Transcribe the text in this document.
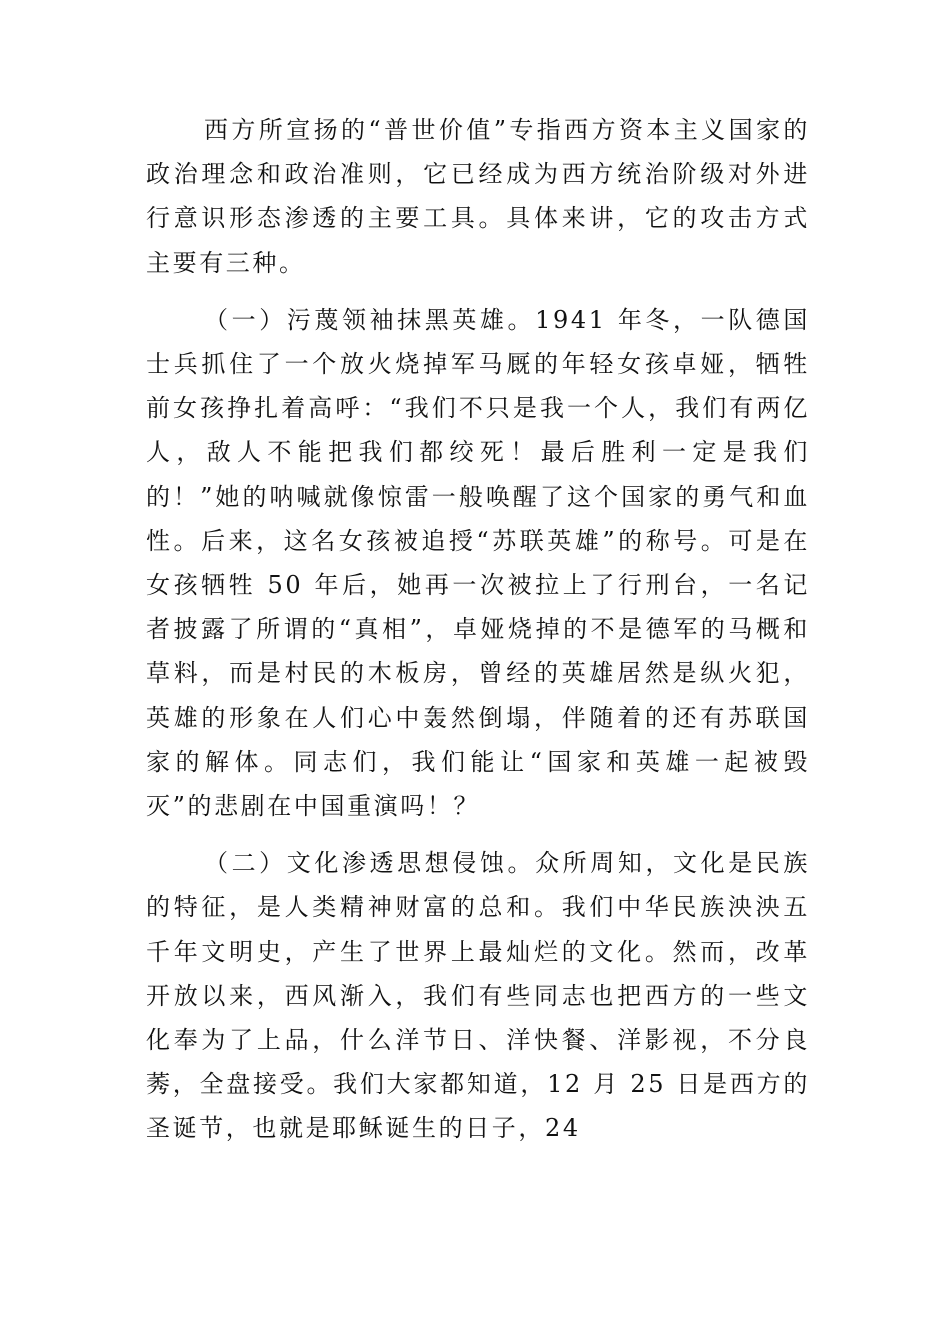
西方所宣扬的“普世价值”专指西方资本主义国家的政治理念和政治准则，它已经成为西方统治阶级对外进行意识形态渗透的主要工具。具体来讲，它的攻击方式主要有三种。

（一）污蔑领袖抹黑英雄。1941 年冬，一队德国士兵抓住了一个放火烧掉军马厩的年轻女孩卓娅，牺牲前女孩挣扎着高呼：“我们不只是我一个人，我们有两亿人，敌人不能把我们都绞死！最后胜利一定是我们的！”她的呐喊就像惊雷一般唤醒了这个国家的勇气和血性。后来，这名女孩被追授“苏联英雄”的称号。可是在女孩牺牲 50 年后，她再一次被拉上了行刑台，一名记者披露了所谓的“真相”，卓娅烧掉的不是德军的马概和草料，而是村民的木板房，曾经的英雄居然是纵火犯，英雄的形象在人们心中轰然倒塌，伴随着的还有苏联国家的解体。同志们，我们能让“国家和英雄一起被毁灭”的悲剧在中国重演吗！？

（二）文化渗透思想侵蚀。众所周知，文化是民族的特征，是人类精神财富的总和。我们中华民族泱泱五千年文明史，产生了世界上最灿烂的文化。然而，改革开放以来，西风渐入，我们有些同志也把西方的一些文化奉为了上品，什么洋节日、洋快餐、洋影视，不分良莠，全盘接受。我们大家都知道，12 月 25 日是西方的圣诞节，也就是耶稣诞生的日子，24
